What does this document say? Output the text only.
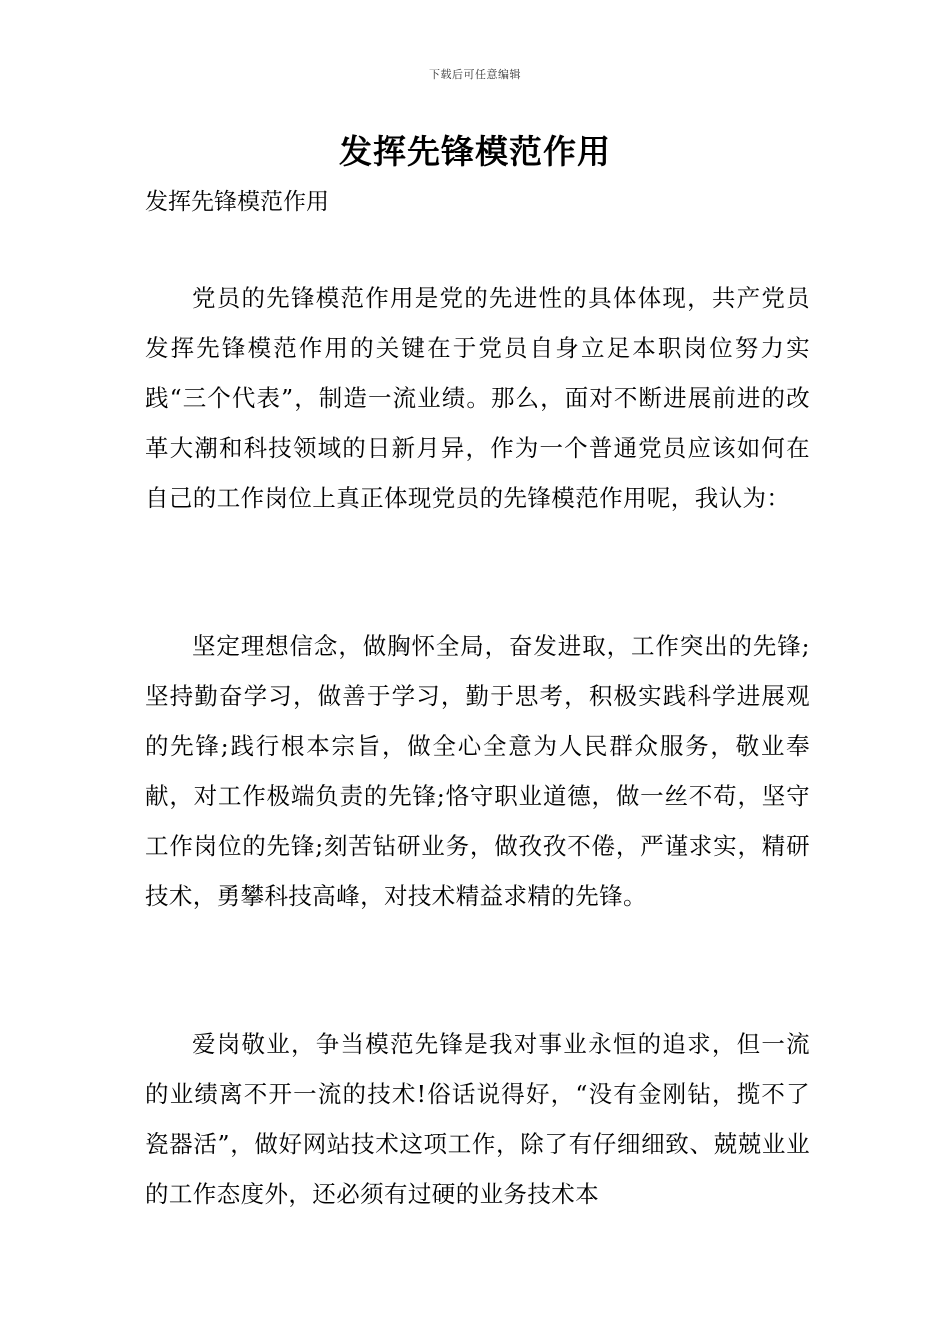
下载后可任意编辑
发挥先锋模范作用

发挥先锋模范作用

党员的先锋模范作用是党的先进性的具体体现，共产党员发挥先锋模范作用的关键在于党员自身立足本职岗位努力实践“三个代表”，制造一流业绩。那么，面对不断进展前进的改革大潮和科技领域的日新月异，作为一个普通党员应该如何在自己的工作岗位上真正体现党员的先锋模范作用呢，我认为：

坚定理想信念，做胸怀全局，奋发进取，工作突出的先锋;坚持勤奋学习，做善于学习，勤于思考，积极实践科学进展观的先锋;践行根本宗旨，做全心全意为人民群众服务，敬业奉献，对工作极端负责的先锋;恪守职业道德，做一丝不苟，坚守工作岗位的先锋;刻苦钻研业务，做孜孜不倦，严谨求实，精研技术，勇攀科技高峰，对技术精益求精的先锋。

爱岗敬业，争当模范先锋是我对事业永恒的追求，但一流的业绩离不开一流的技术!俗话说得好，“没有金刚钻，揽不了瓷器活”，做好网站技术这项工作，除了有仔细细致、兢兢业业的工作态度外，还必须有过硬的业务技术本
